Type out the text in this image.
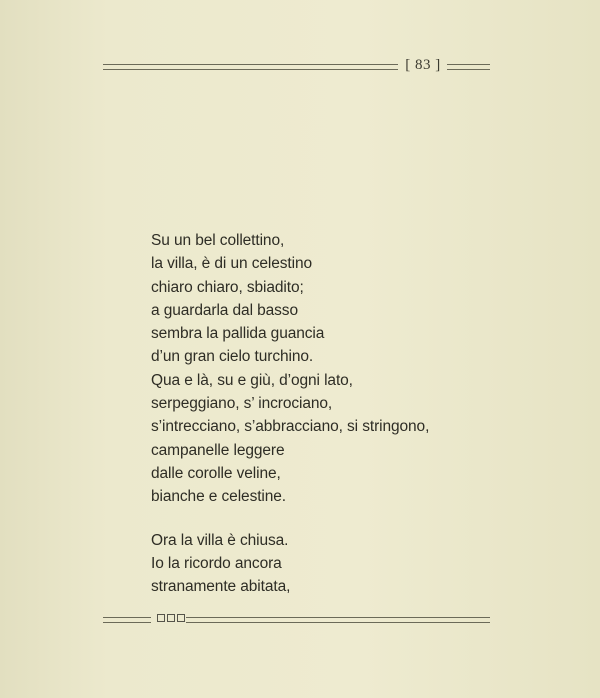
[ 83 ]
Su un bel collettino,
la villa, è di un celestino
chiaro chiaro, sbiadito;
a guardarla dal basso
sembra la pallida guancia
d’un gran cielo turchino.
Qua e là, su e giù, d’ogni lato,
serpeggiano, s’ incrociano,
s’intrecciano, s’abbracciano, si stringono,
campanelle leggere
dalle corolle veline,
bianche e celestine.
Ora la villa è chiusa.
Io la ricordo ancora
stranamente abitata,
